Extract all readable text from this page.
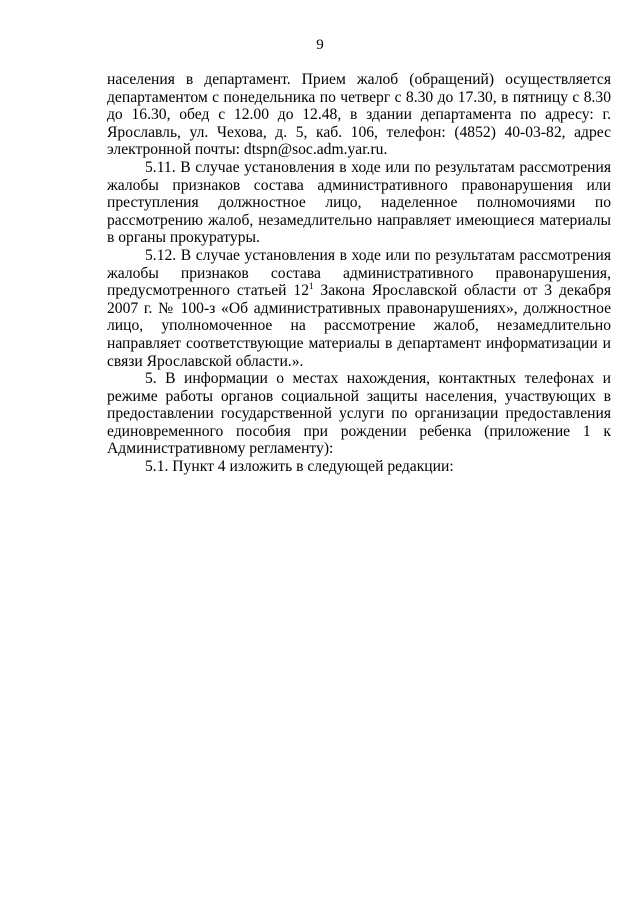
9

населения в департамент. Прием жалоб (обращений) осуществляется департаментом с понедельника по четверг с 8.30 до 17.30, в пятницу с 8.30 до 16.30, обед с 12.00 до 12.48, в здании департамента по адресу: г. Ярославль, ул. Чехова, д. 5, каб. 106, телефон: (4852) 40-03-82, адрес электронной почты: dtspn@soc.adm.yar.ru.

5.11. В случае установления в ходе или по результатам рассмотрения жалобы признаков состава административного правонарушения или преступления должностное лицо, наделенное полномочиями по рассмотрению жалоб, незамедлительно направляет имеющиеся материалы в органы прокуратуры.

5.12. В случае установления в ходе или по результатам рассмотрения жалобы признаков состава административного правонарушения, предусмотренного статьей $12^1$ Закона Ярославской области от 3 декабря 2007 г. № 100-з «Об административных правонарушениях», должностное лицо, уполномоченное на рассмотрение жалоб, незамедлительно направляет соответствующие материалы в департамент информатизации и связи Ярославской области.».

5. В информации о местах нахождения, контактных телефонах и режиме работы органов социальной защиты населения, участвующих в предоставлении государственной услуги по организации предоставления единовременного пособия при рождении ребенка (приложение 1 к Административному регламенту):

5.1. Пункт 4 изложить в следующей редакции:
